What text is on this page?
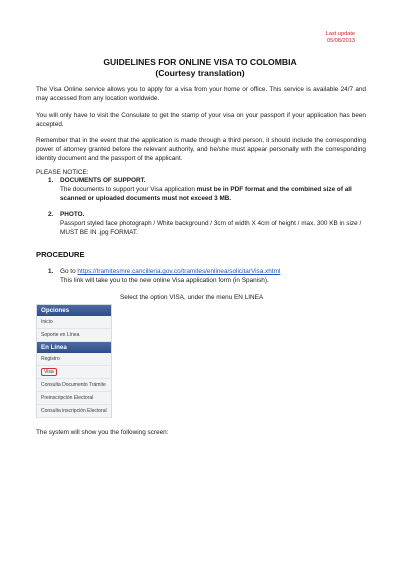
Last update
05/08/2013
GUIDELINES FOR ONLINE VISA TO COLOMBIA
(Courtesy translation)
The Visa Online service allows you to apply for a visa from your home or office. This service is available 24/7 and may accessed from any location worldwide.
You will only have to visit the Consulate to get the stamp of your visa on your passport if your application has been accepted.
Remember that in the event that the application is made through a third person, it should include the corresponding power of attorney granted before the relevant authority, and he/she must appear personally with the corresponding identity document and the passport of the applicant.
PLEASE NOTICE:
1. DOCUMENTS OF SUPPORT.
The documents to support your Visa application must be in PDF format and the combined size of all scanned or uploaded documents must not exceed 3 MB.
2. PHOTO.
Passport styled face photograph / White background / 3cm of width X 4cm of height / max. 300 KB in size / MUST BE IN .jpg FORMAT.
PROCEDURE
1. Go to https://tramitesmre.cancilleria.gov.co/tramites/enlinea/solicitarVisa.xhtml
This link will take you to the new online Visa application form (in Spanish).
Select the option VISA, under the menu EN LINEA
Opciones
Inicio
Soporte en Línea
En Línea
Registro
Visa
Consulta Documento Trámite
Preinscripción Electoral
Consulta inscripción Electoral
The system will show you the following screen:
